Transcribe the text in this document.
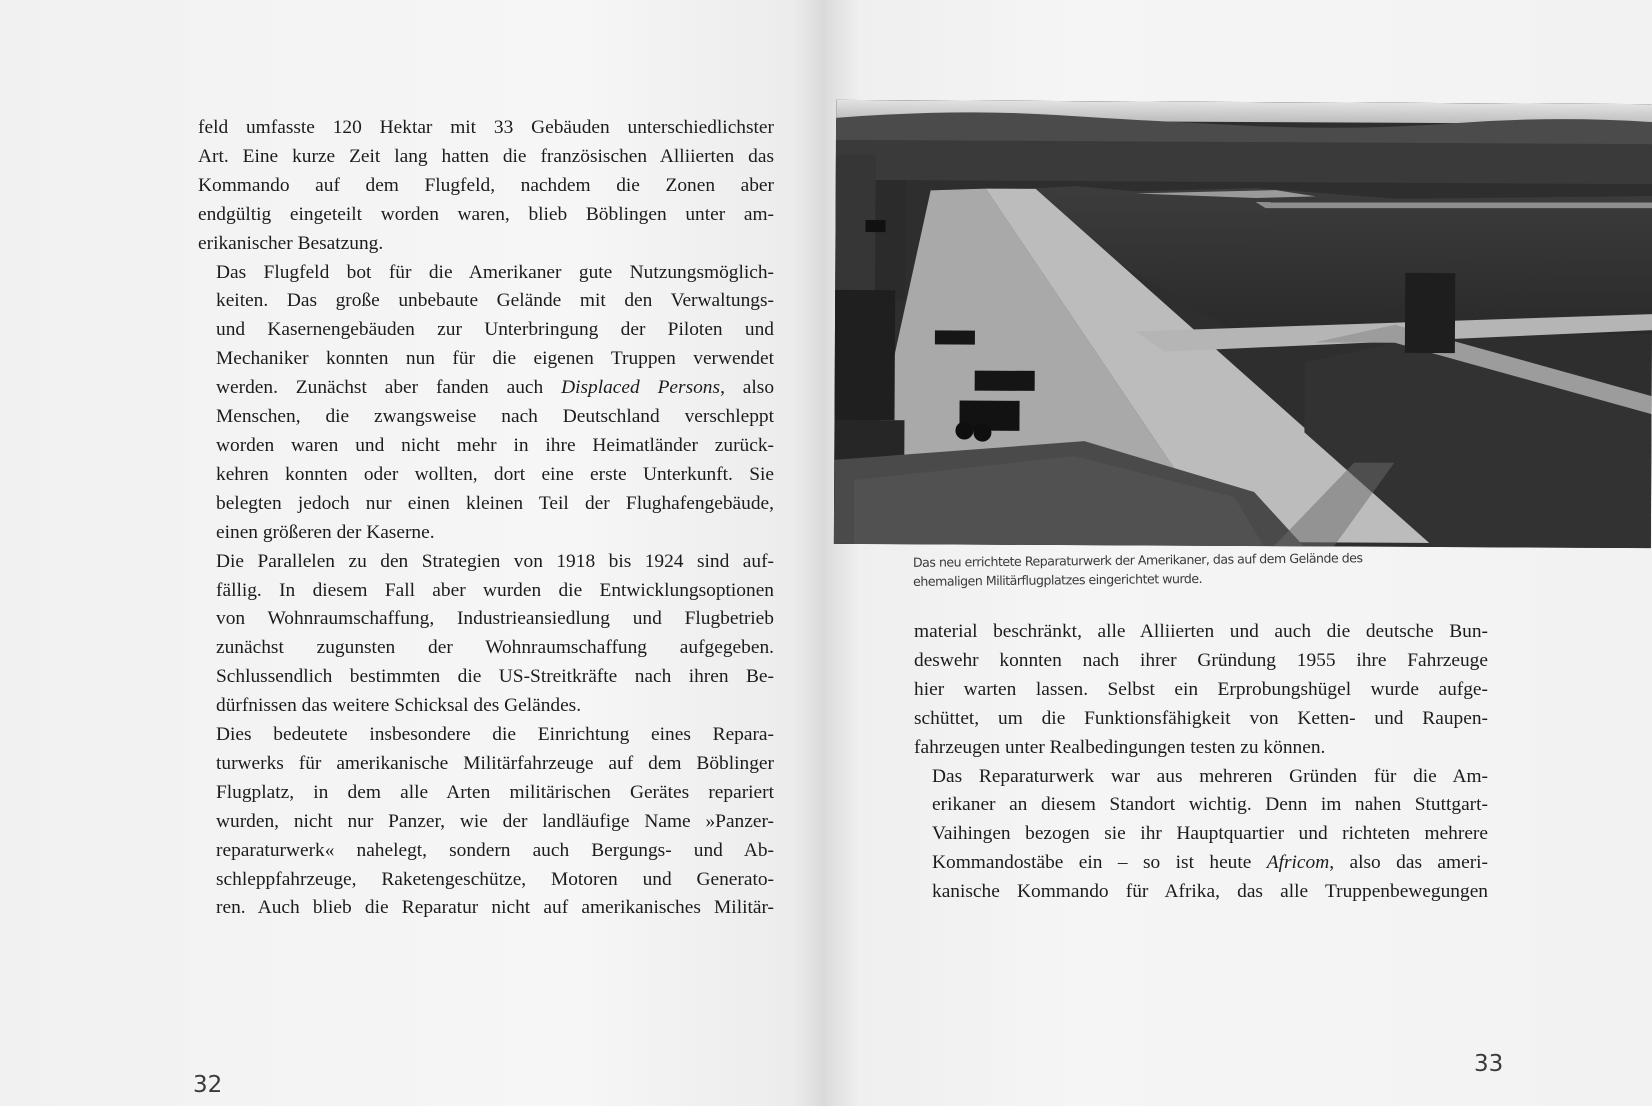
feld umfasste 120 Hektar mit 33 Gebäuden unterschiedlichster
Art. Eine kurze Zeit lang hatten die französischen Alliierten das
Kommando auf dem Flugfeld, nachdem die Zonen aber
endgültig eingeteilt worden waren, blieb Böblingen unter am-
erikanischer Besatzung.

Das Flugfeld bot für die Amerikaner gute Nutzungsmöglich-
keiten. Das große unbebaute Gelände mit den Verwaltungs-
und Kasernengebäuden zur Unterbringung der Piloten und
Mechaniker konnten nun für die eigenen Truppen verwendet
werden. Zunächst aber fanden auch Displaced Persons, also
Menschen, die zwangsweise nach Deutschland verschleppt
worden waren und nicht mehr in ihre Heimatländer zurück-
kehren konnten oder wollten, dort eine erste Unterkunft. Sie
belegten jedoch nur einen kleinen Teil der Flughafengebäude,
einen größeren der Kaserne.

Die Parallelen zu den Strategien von 1918 bis 1924 sind auf-
fällig. In diesem Fall aber wurden die Entwicklungsoptionen
von Wohnraumschaffung, Industrieansiedlung und Flugbetrieb
zunächst zugunsten der Wohnraumschaffung aufgegeben.
Schlussendlich bestimmten die US-Streitkräfte nach ihren Be-
dürfnissen das weitere Schicksal des Geländes.

Dies bedeutete insbesondere die Einrichtung eines Repara-
turwerks für amerikanische Militärfahrzeuge auf dem Böblinger
Flugplatz, in dem alle Arten militärischen Gerätes repariert
wurden, nicht nur Panzer, wie der landläufige Name »Panzer-
reparaturwerk« nahelegt, sondern auch Bergungs- und Ab-
schleppfahrzeuge, Raketengeschütze, Motoren und Generato-
ren. Auch blieb die Reparatur nicht auf amerikanisches Militär-

32
33
Das neu errichtete Reparaturwerk der Amerikaner, das auf dem Gelände des
ehemaligen Militärflugplatzes eingerichtet wurde.

material beschränkt, alle Alliierten und auch die deutsche Bun-
deswehr konnten nach ihrer Gründung 1955 ihre Fahrzeuge
hier warten lassen. Selbst ein Erprobungshügel wurde aufge-
schüttet, um die Funktionsfähigkeit von Ketten- und Raupen-
fahrzeugen unter Realbedingungen testen zu können.

Das Reparaturwerk war aus mehreren Gründen für die Am-
erikaner an diesem Standort wichtig. Denn im nahen Stuttgart-
Vaihingen bezogen sie ihr Hauptquartier und richteten mehrere
Kommandostäbe ein – so ist heute Africom, also das ameri-
kanische Kommando für Afrika, das alle Truppenbewegungen
